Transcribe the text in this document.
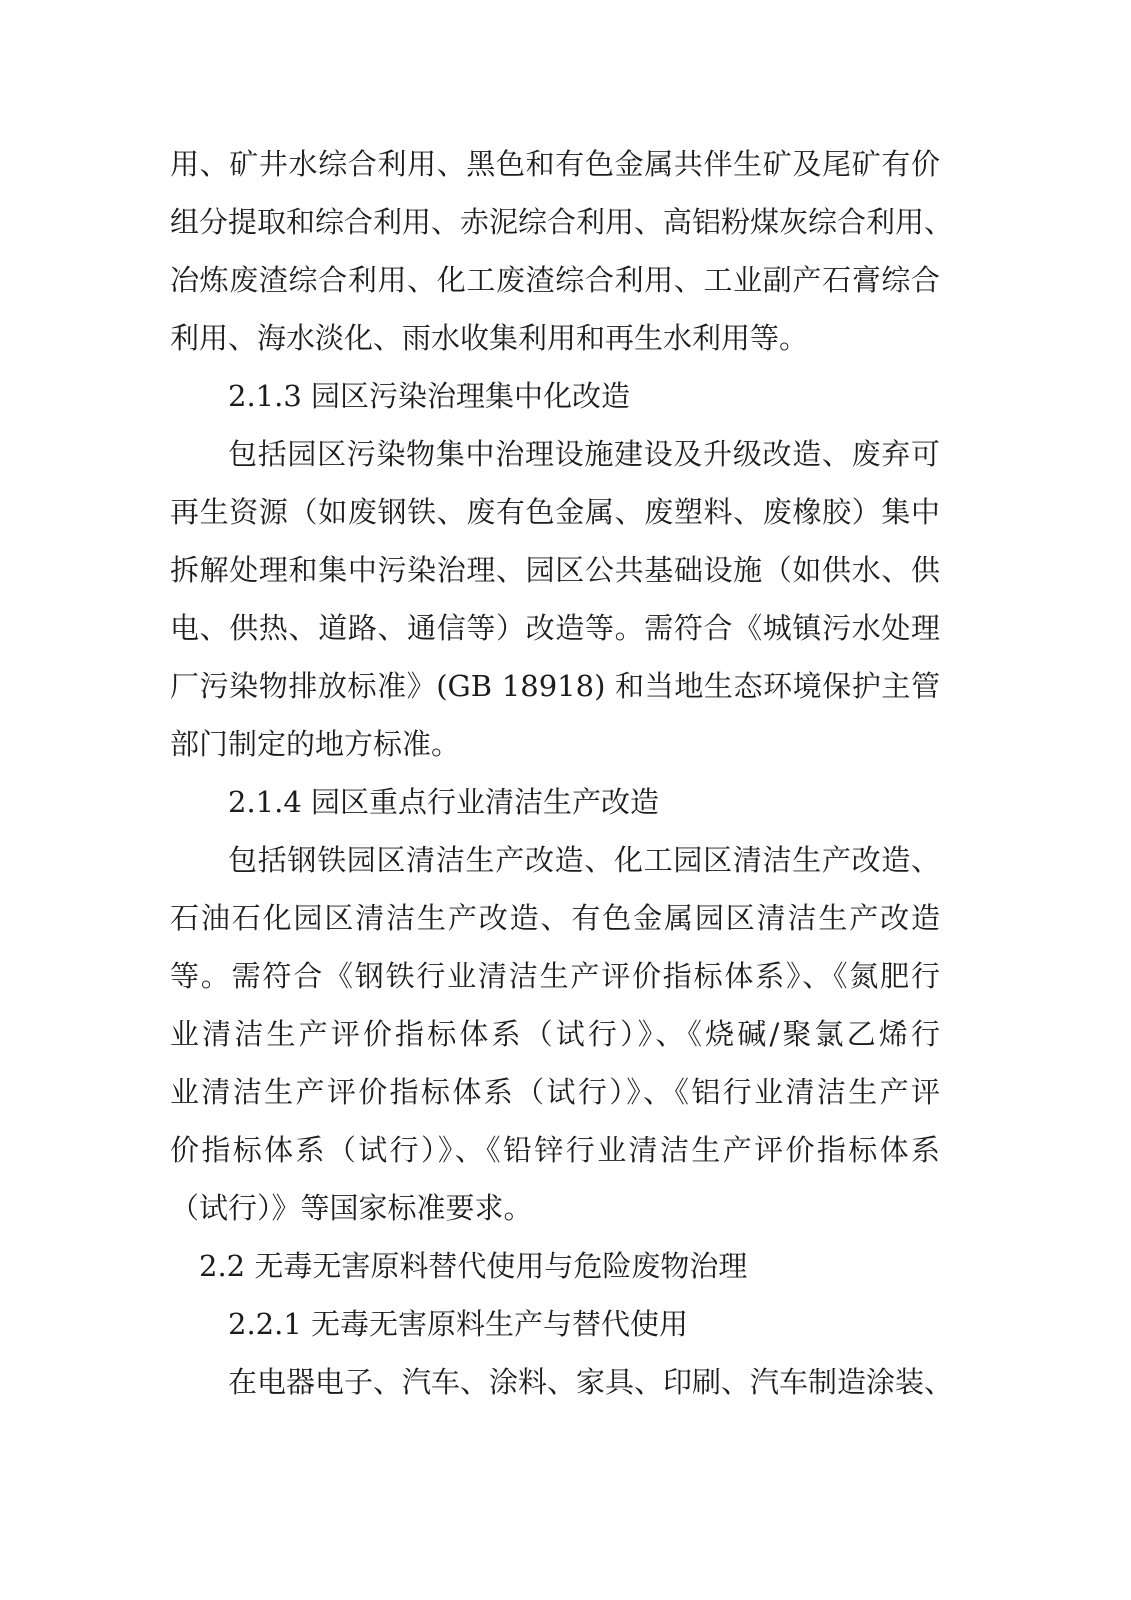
用、矿井水综合利用、黑色和有色金属共伴生矿及尾矿有价
组分提取和综合利用、赤泥综合利用、高铝粉煤灰综合利用、
冶炼废渣综合利用、化工废渣综合利用、工业副产石膏综合
利用、海水淡化、雨水收集利用和再生水利用等。
2.1.3 园区污染治理集中化改造
包括园区污染物集中治理设施建设及升级改造、废弃可
再生资源（如废钢铁、废有色金属、废塑料、废橡胶）集中
拆解处理和集中污染治理、园区公共基础设施（如供水、供
电、供热、道路、通信等）改造等。需符合《城镇污水处理
厂污染物排放标准》(GB 18918) 和当地生态环境保护主管
部门制定的地方标准。
2.1.4 园区重点行业清洁生产改造
包括钢铁园区清洁生产改造、化工园区清洁生产改造、
石油石化园区清洁生产改造、有色金属园区清洁生产改造
等。需符合《钢铁行业清洁生产评价指标体系》、《氮肥行
业清洁生产评价指标体系（试行）》、《烧碱/聚氯乙烯行
业清洁生产评价指标体系（试行）》、《铝行业清洁生产评
价指标体系（试行）》、《铅锌行业清洁生产评价指标体系
（试行）》等国家标准要求。
2.2 无毒无害原料替代使用与危险废物治理
2.2.1 无毒无害原料生产与替代使用
在电器电子、汽车、涂料、家具、印刷、汽车制造涂装、
